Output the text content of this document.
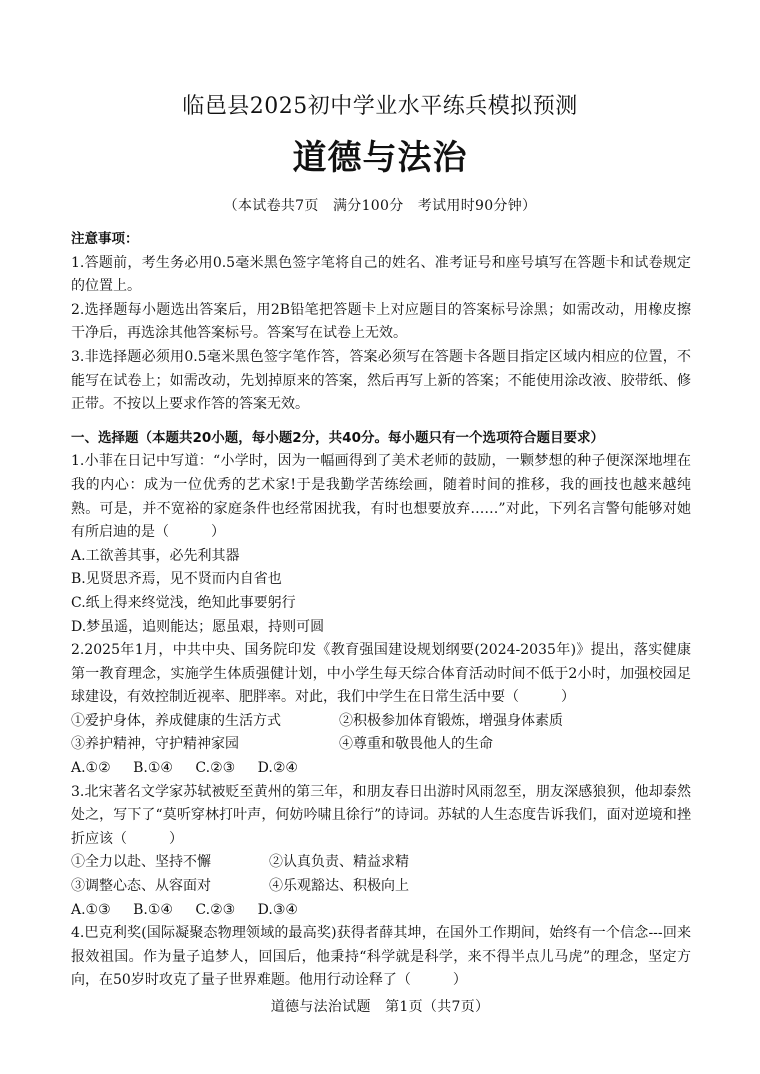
临邑县2025初中学业水平练兵模拟预测
道德与法治
（本试卷共7页　满分100分　考试用时90分钟）
注意事项：
1.答题前，考生务必用0.5毫米黑色签字笔将自己的姓名、准考证号和座号填写在答题卡和试卷规定的位置上。
2.选择题每小题选出答案后，用2B铅笔把答题卡上对应题目的答案标号涂黑；如需改动，用橡皮擦干净后，再选涂其他答案标号。答案写在试卷上无效。
3.非选择题必须用0.5毫米黑色签字笔作答，答案必须写在答题卡各题目指定区域内相应的位置，不能写在试卷上；如需改动，先划掉原来的答案，然后再写上新的答案；不能使用涂改液、胶带纸、修正带。不按以上要求作答的答案无效。
一、选择题（本题共20小题，每小题2分，共40分。每小题只有一个选项符合题目要求）
1.小菲在日记中写道：“小学时，因为一幅画得到了美术老师的鼓励，一颗梦想的种子便深深地埋在我的内心：成为一位优秀的艺术家!于是我勤学苦练绘画，随着时间的推移，我的画技也越来越纯熟。可是，并不宽裕的家庭条件也经常困扰我，有时也想要放弃……”对此，下列名言警句能够对她有所启迪的是（　　　）
A.工欲善其事，必先利其器
B.见贤思齐焉，见不贤而内自省也
C.纸上得来终觉浅，绝知此事要躬行
D.梦虽遥，追则能达；愿虽艰，持则可圆
2.2025年1月，中共中央、国务院印发《教育强国建设规划纲要(2024-2035年)》提出，落实健康第一教育理念，实施学生体质强健计划，中小学生每天综合体育活动时间不低于2小时，加强校园足球建设，有效控制近视率、肥胖率。对此，我们中学生在日常生活中要（　　　）
①爱护身体，养成健康的生活方式	②积极参加体育锻炼，增强身体素质
③养护精神，守护精神家园	④尊重和敬畏他人的生命
A.①② B.①④ C.②③ D.②④
3.北宋著名文学家苏轼被贬至黄州的第三年，和朋友春日出游时风雨忽至，朋友深感狼狈，他却泰然处之，写下了“莫听穿林打叶声，何妨吟啸且徐行”的诗词。苏轼的人生态度告诉我们，面对逆境和挫折应该（　　　）
①全力以赴、坚持不懈	②认真负责、精益求精
③调整心态、从容面对	④乐观豁达、积极向上
A.①③ B.①④ C.②③ D.③④
4.巴克利奖(国际凝聚态物理领域的最高奖)获得者薛其坤，在国外工作期间，始终有一个信念---回来报效祖国。作为量子追梦人，回国后，他秉持“科学就是科学，来不得半点儿马虎”的理念，坚定方向，在50岁时攻克了量子世界难题。他用行动诠释了（　　　）
道德与法治试题　第1页（共7页）
